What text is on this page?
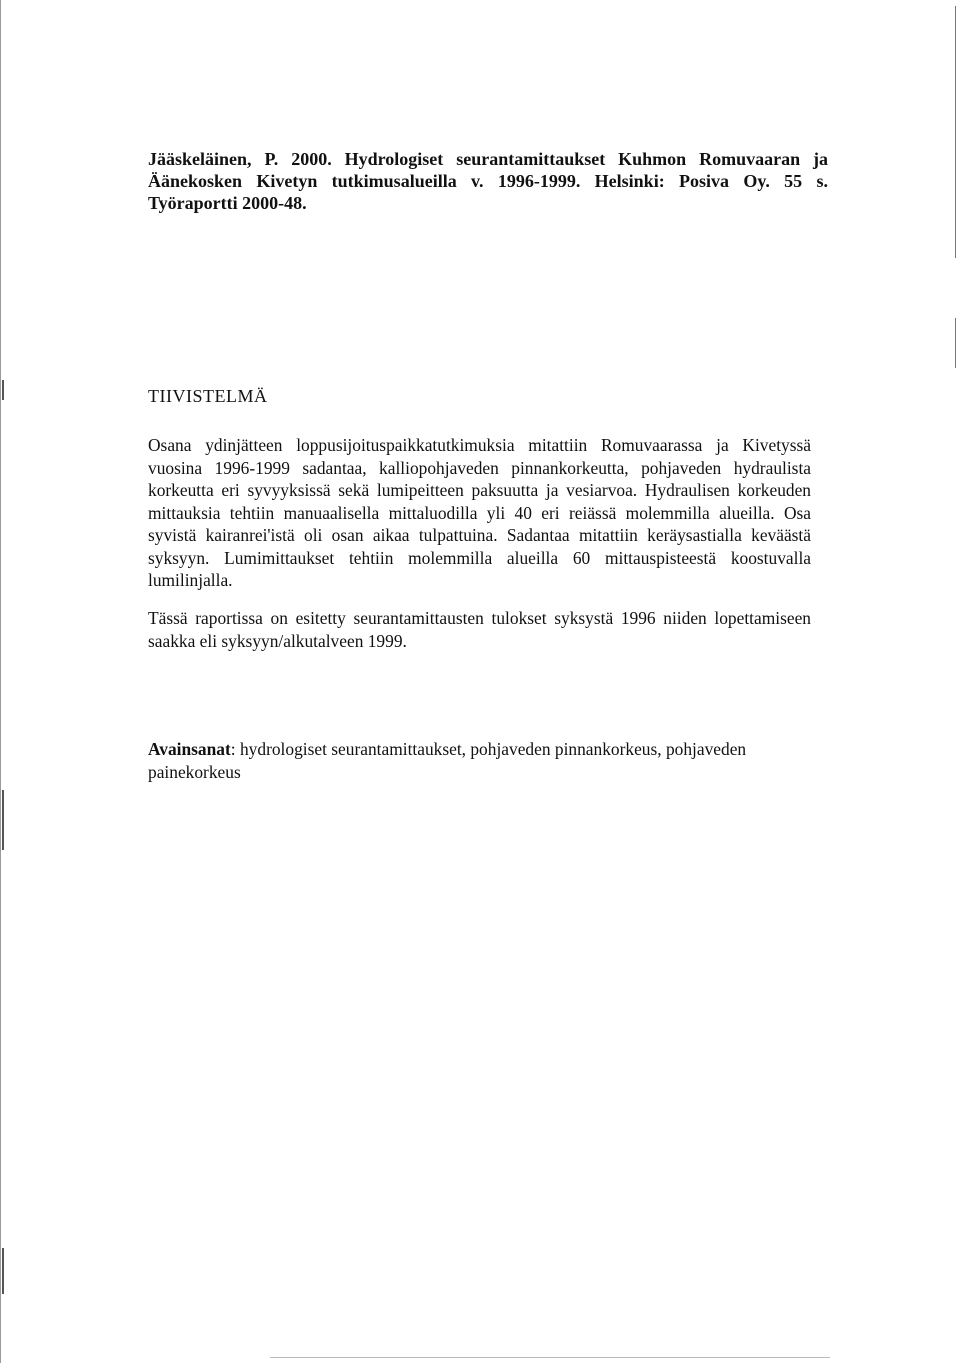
Jääskeläinen, P. 2000. Hydrologiset seurantamittaukset Kuhmon Romuvaaran ja Äänekosken Kivetyn tutkimusalueilla v. 1996-1999. Helsinki: Posiva Oy. 55 s. Työraportti 2000-48.
TIIVISTELMÄ

Osana ydinjätteen loppusijoituspaikkatutkimuksia mitattiin Romuvaarassa ja Kivetyssä vuosina 1996-1999 sadantaa, kalliopohjaveden pinnankorkeutta, pohjaveden hydraulista korkeutta eri syvyyksissä sekä lumipeitteen paksuutta ja vesiarvoa. Hydraulisen korkeuden mittauksia tehtiin manuaalisella mittaluodilla yli 40 eri reiässä molemmilla alueilla. Osa syvistä kairanrei'istä oli osan aikaa tulpattuina. Sadantaa mitattiin keräysastialla keväästä syksyyn. Lumimittaukset tehtiin molemmilla alueilla 60 mittauspisteestä koostuvalla lumilinjalla.

Tässä raportissa on esitetty seurantamittausten tulokset syksystä 1996 niiden lopettamiseen saakka eli syksyyn/alkutalveen 1999.

Avainsanat: hydrologiset seurantamittaukset, pohjaveden pinnankorkeus, pohjaveden painekorkeus
